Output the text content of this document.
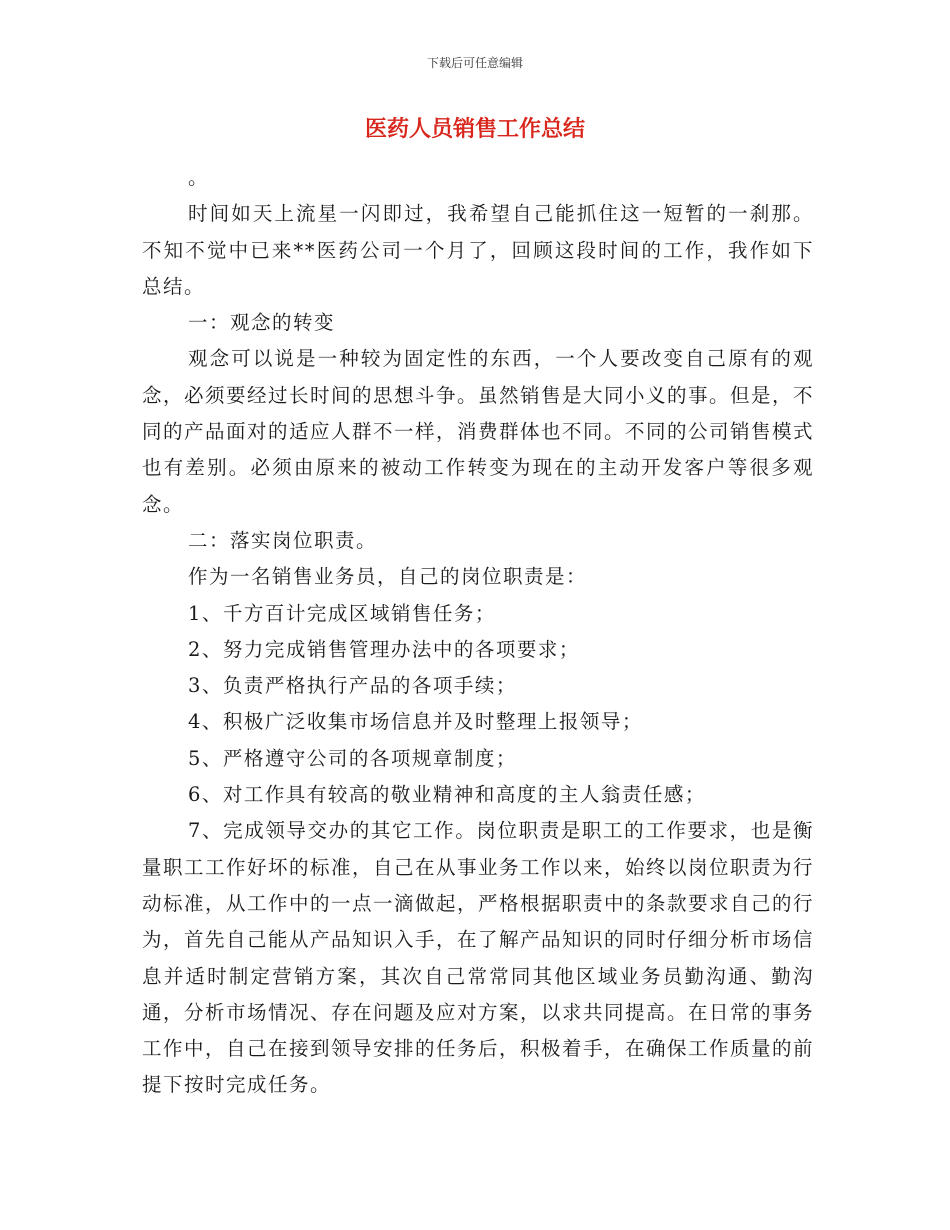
下载后可任意编辑
医药人员销售工作总结

。

时间如天上流星一闪即过，我希望自己能抓住这一短暂的一刹那。不知不觉中已来**医药公司一个月了，回顾这段时间的工作，我作如下总结。

一：观念的转变

观念可以说是一种较为固定性的东西，一个人要改变自己原有的观念，必须要经过长时间的思想斗争。虽然销售是大同小义的事。但是，不同的产品面对的适应人群不一样，消费群体也不同。不同的公司销售模式也有差别。必须由原来的被动工作转变为现在的主动开发客户等很多观念。

二：落实岗位职责。

作为一名销售业务员，自己的岗位职责是：

1、千方百计完成区域销售任务；

2、努力完成销售管理办法中的各项要求；

3、负责严格执行产品的各项手续；

4、积极广泛收集市场信息并及时整理上报领导；

5、严格遵守公司的各项规章制度；

6、对工作具有较高的敬业精神和高度的主人翁责任感；

7、完成领导交办的其它工作。岗位职责是职工的工作要求，也是衡量职工工作好坏的标准，自己在从事业务工作以来，始终以岗位职责为行动标准，从工作中的一点一滴做起，严格根据职责中的条款要求自己的行为，首先自己能从产品知识入手，在了解产品知识的同时仔细分析市场信息并适时制定营销方案，其次自己常常同其他区域业务员勤沟通、勤沟通，分析市场情况、存在问题及应对方案，以求共同提高。在日常的事务工作中，自己在接到领导安排的任务后，积极着手，在确保工作质量的前提下按时完成任务。
